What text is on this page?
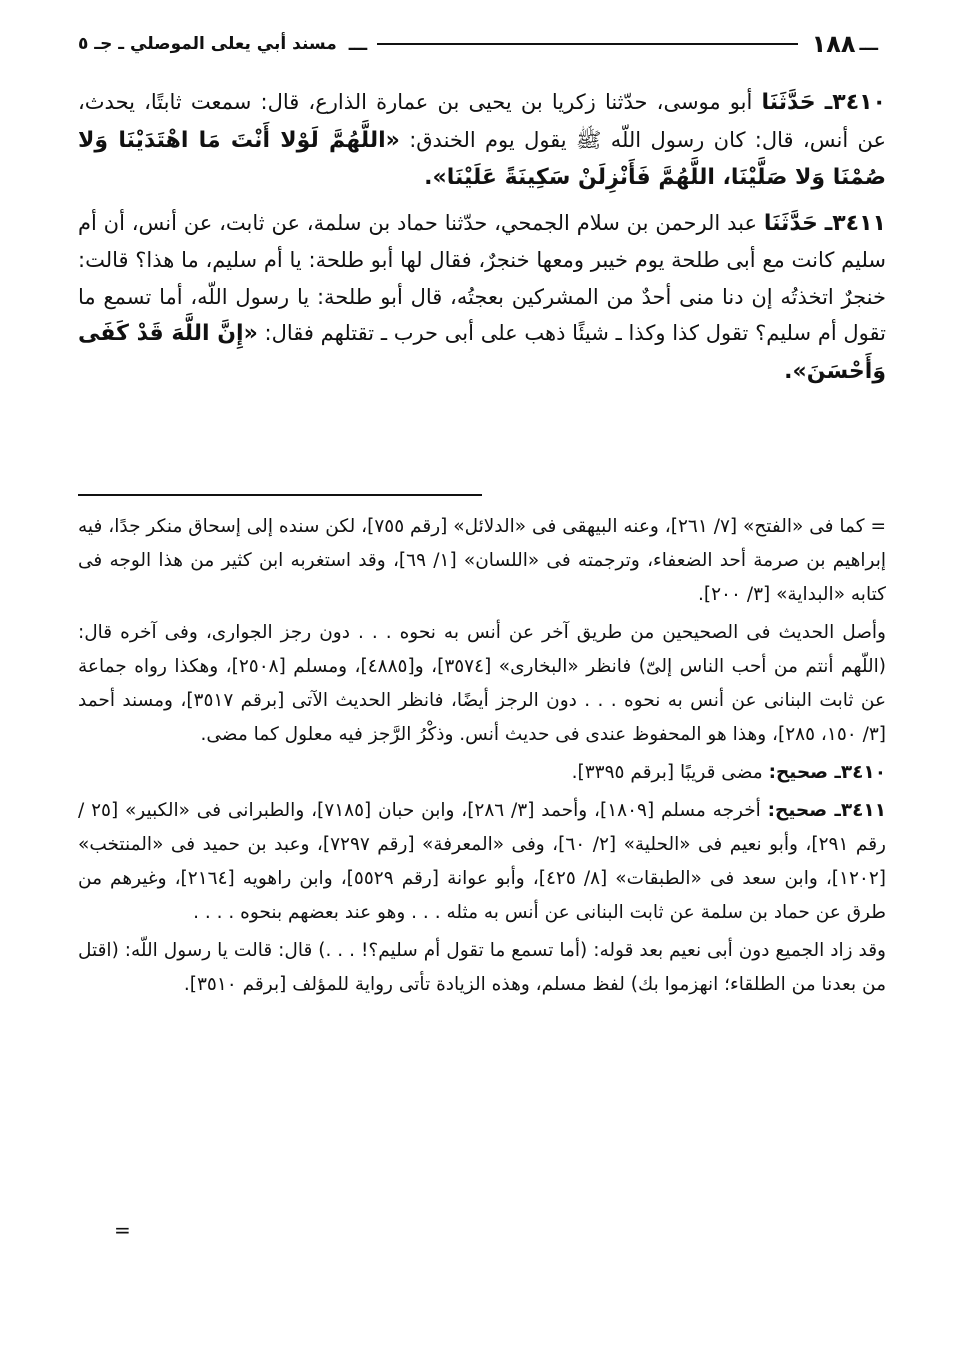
مسند أبي يعلى الموصلي ـ جـ ٥ ـــ	١٨٨ ـــ

٣٤١٠ـ حَدَّثَنَا أبو موسى، حدّثنا زكريا بن يحيى بن عمارة الذارع، قال: سمعت ثابتًا، يحدث، عن أنس، قال: كان رسول اللّه ﷺ يقول يوم الخندق: «اللَّهُمَّ لَوْلا أَنْتَ مَا اهْتَدَيْنَا وَلا صُمْنَا وَلا صَلَّيْنَا، اللَّهُمَّ فَأَنْزِلَنْ سَكِينَةً عَلَيْنَا».

٣٤١١ـ حَدَّثَنَا عبد الرحمن بن سلام الجمحي، حدّثنا حماد بن سلمة، عن ثابت، عن أنس، أن أم سليم كانت مع أبى طلحة يوم خيبر ومعها خنجرٌ، فقال لها أبو طلحة: يا أم سليم، ما هذا؟ قالت: خنجرٌ اتخذتُه إن دنا منى أحدٌ من المشركين بعجتُه، قال أبو طلحة: يا رسول اللّه، أما تسمع ما تقول أم سليم؟ تقول كذا وكذا ـ شيئًا ذهب على أبى حرب ـ تقتلهم فقال: «إِنَّ اللَّهَ قَدْ كَفَى وَأَحْسَنَ».

= كما فى «الفتح» [٧/ ٢٦١]، وعنه البيهقى فى «الدلائل» [رقم ٧٥٥]، لكن سنده إلى إسحاق منكر جدًا، فيه إبراهيم بن صرمة أحد الضعفاء، وترجمته فى «اللسان» [١/ ٦٩]، وقد استغربه ابن كثير من هذا الوجه فى كتابه «البداية» [٣/ ٢٠٠].

وأصل الحديث فى الصحيحين من طريق آخر عن أنس به نحوه . . . دون رجز الجوارى، وفى آخره قال: (اللّهم أنتم من أحب الناس إلىّ) فانظر «البخارى» [٣٥٧٤]، و[٤٨٨٥]، ومسلم [٢٥٠٨]، وهكذا رواه جماعة عن ثابت البنانى عن أنس به نحوه . . . دون الرجز أيضًا، فانظر الحديث الآتى [برقم ٣٥١٧]، ومسند أحمد [٣/ ١٥٠، ٢٨٥]، وهذا هو المحفوظ عندى فى حديث أنس. وذكْرُ الرَّجز فيه معلول كما مضى.

٣٤١٠ـ صحيح: مضى قريبًا [برقم ٣٣٩٥].

٣٤١١ـ صحيح: أخرجه مسلم [١٨٠٩]، وأحمد [٣/ ٢٨٦]، وابن حبان [٧١٨٥]، والطبرانى فى «الكبير» [٢٥ / رقم ٢٩١]، وأبو نعيم فى «الحلية» [٢/ ٦٠]، وفى «المعرفة» [رقم ٧٢٩٧]، وعبد بن حميد فى «المنتخب» [١٢٠٢]، وابن سعد فى «الطبقات» [٨/ ٤٢٥]، وأبو عوانة [رقم ٥٥٢٩]، وابن راهويه [٢١٦٤]، وغيرهم من طرق عن حماد بن سلمة عن ثابت البنانى عن أنس به مثله . . . وهو عند بعضهم بنحوه . . . .

وقد زاد الجميع دون أبى نعيم بعد قوله: (أما تسمع ما تقول أم سليم؟! . . .) قال: قالت يا رسول اللّه: (اقتل من بعدنا من الطلقاء؛ انهزموا بك) لفظ مسلم، وهذه الزيادة تأتى رواية للمؤلف [برقم ٣٥١٠].

=
